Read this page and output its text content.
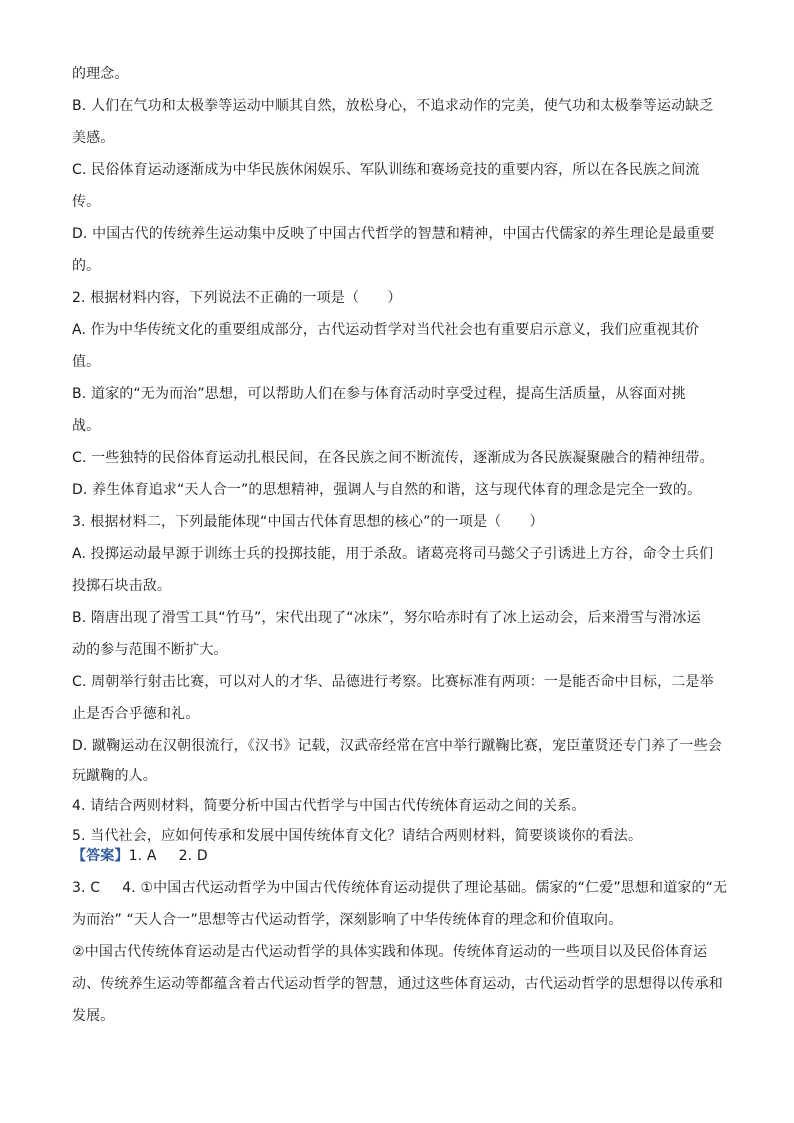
的理念。
B. 人们在气功和太极拳等运动中顺其自然，放松身心，不追求动作的完美，使气功和太极拳等运动缺乏
美感。
C. 民俗体育运动逐渐成为中华民族休闲娱乐、军队训练和赛场竞技的重要内容，所以在各民族之间流
传。
D. 中国古代的传统养生运动集中反映了中国古代哲学的智慧和精神，中国古代儒家的养生理论是最重要
的。
2. 根据材料内容，下列说法不正确的一项是（　　）
A. 作为中华传统文化的重要组成部分，古代运动哲学对当代社会也有重要启示意义，我们应重视其价
值。
B. 道家的“无为而治”思想，可以帮助人们在参与体育活动时享受过程，提高生活质量，从容面对挑
战。
C. 一些独特的民俗体育运动扎根民间，在各民族之间不断流传，逐渐成为各民族凝聚融合的精神纽带。
D. 养生体育追求“天人合一”的思想精神，强调人与自然的和谐，这与现代体育的理念是完全一致的。
3. 根据材料二，下列最能体现“中国古代体育思想的核心”的一项是（　　）
A. 投掷运动最早源于训练士兵的投掷技能，用于杀敌。诸葛亮将司马懿父子引诱进上方谷，命令士兵们
投掷石块击敌。
B. 隋唐出现了滑雪工具“竹马”，宋代出现了“冰床”，努尔哈赤时有了冰上运动会，后来滑雪与滑冰运
动的参与范围不断扩大。
C. 周朝举行射击比赛，可以对人的才华、品德进行考察。比赛标准有两项：一是能否命中目标，二是举
止是否合乎德和礼。
D. 蹴鞠运动在汉朝很流行，《汉书》记载，汉武帝经常在宫中举行蹴鞠比赛，宠臣董贤还专门养了一些会
玩蹴鞠的人。
4. 请结合两则材料，简要分析中国古代哲学与中国古代传统体育运动之间的关系。
5. 当代社会，应如何传承和发展中国传统体育文化？请结合两则材料，简要谈谈你的看法。
【答案】1. A 2. D
3. C 4. ①中国古代运动哲学为中国古代传统体育运动提供了理论基础。儒家的“仁爱”思想和道家的“无
为而治” “天人合一”思想等古代运动哲学，深刻影响了中华传统体育的理念和价值取向。
②中国古代传统体育运动是古代运动哲学的具体实践和体现。传统体育运动的一些项目以及民俗体育运
动、传统养生运动等都蕴含着古代运动哲学的智慧，通过这些体育运动，古代运动哲学的思想得以传承和
发展。
